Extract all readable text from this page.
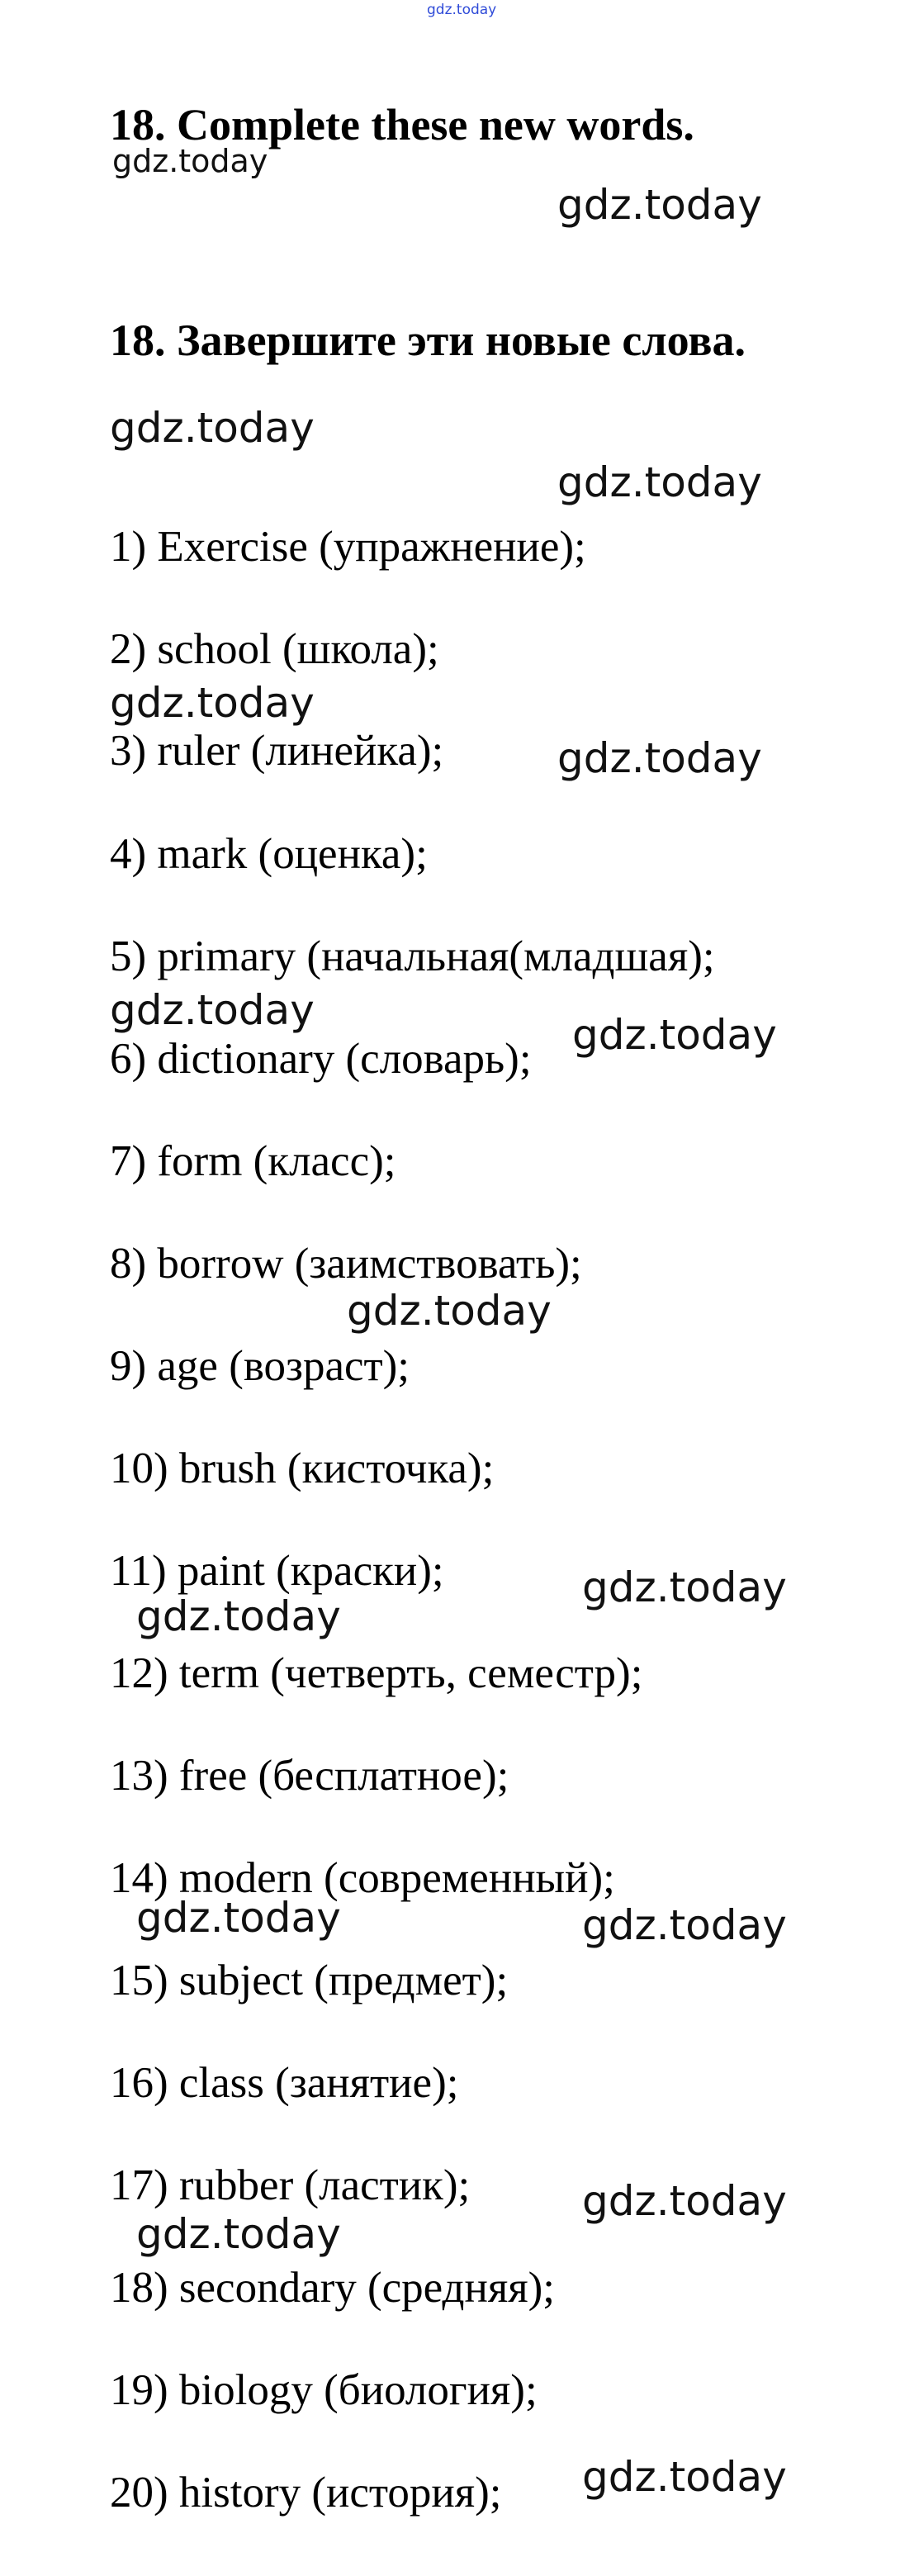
gdz.today
18. Complete these new words.
gdz.today
gdz.today
18. Завершите эти новые слова.
gdz.today
gdz.today
1) Exercise (упражнение);
2) school (школа);
gdz.today
3) ruler (линейка);	gdz.today
4) mark (оценка);
5) primary (начальная(младшая);
gdz.today
gdz.today
6) dictionary (словарь);
7) form (класс);
8) borrow (заимствовать);
gdz.today
9) age (возраст);
10) brush (кисточка);
11) paint (краски);	gdz.today
gdz.today
12) term (четверть, семестр);
13) free (бесплатное);
14) modern (современный);
gdz.today	gdz.today
15) subject (предмет);
16) class (занятие);
17) rubber (ластик);	gdz.today
gdz.today
18) secondary (средняя);
19) biology (биология);
gdz.today
20) history (история);
